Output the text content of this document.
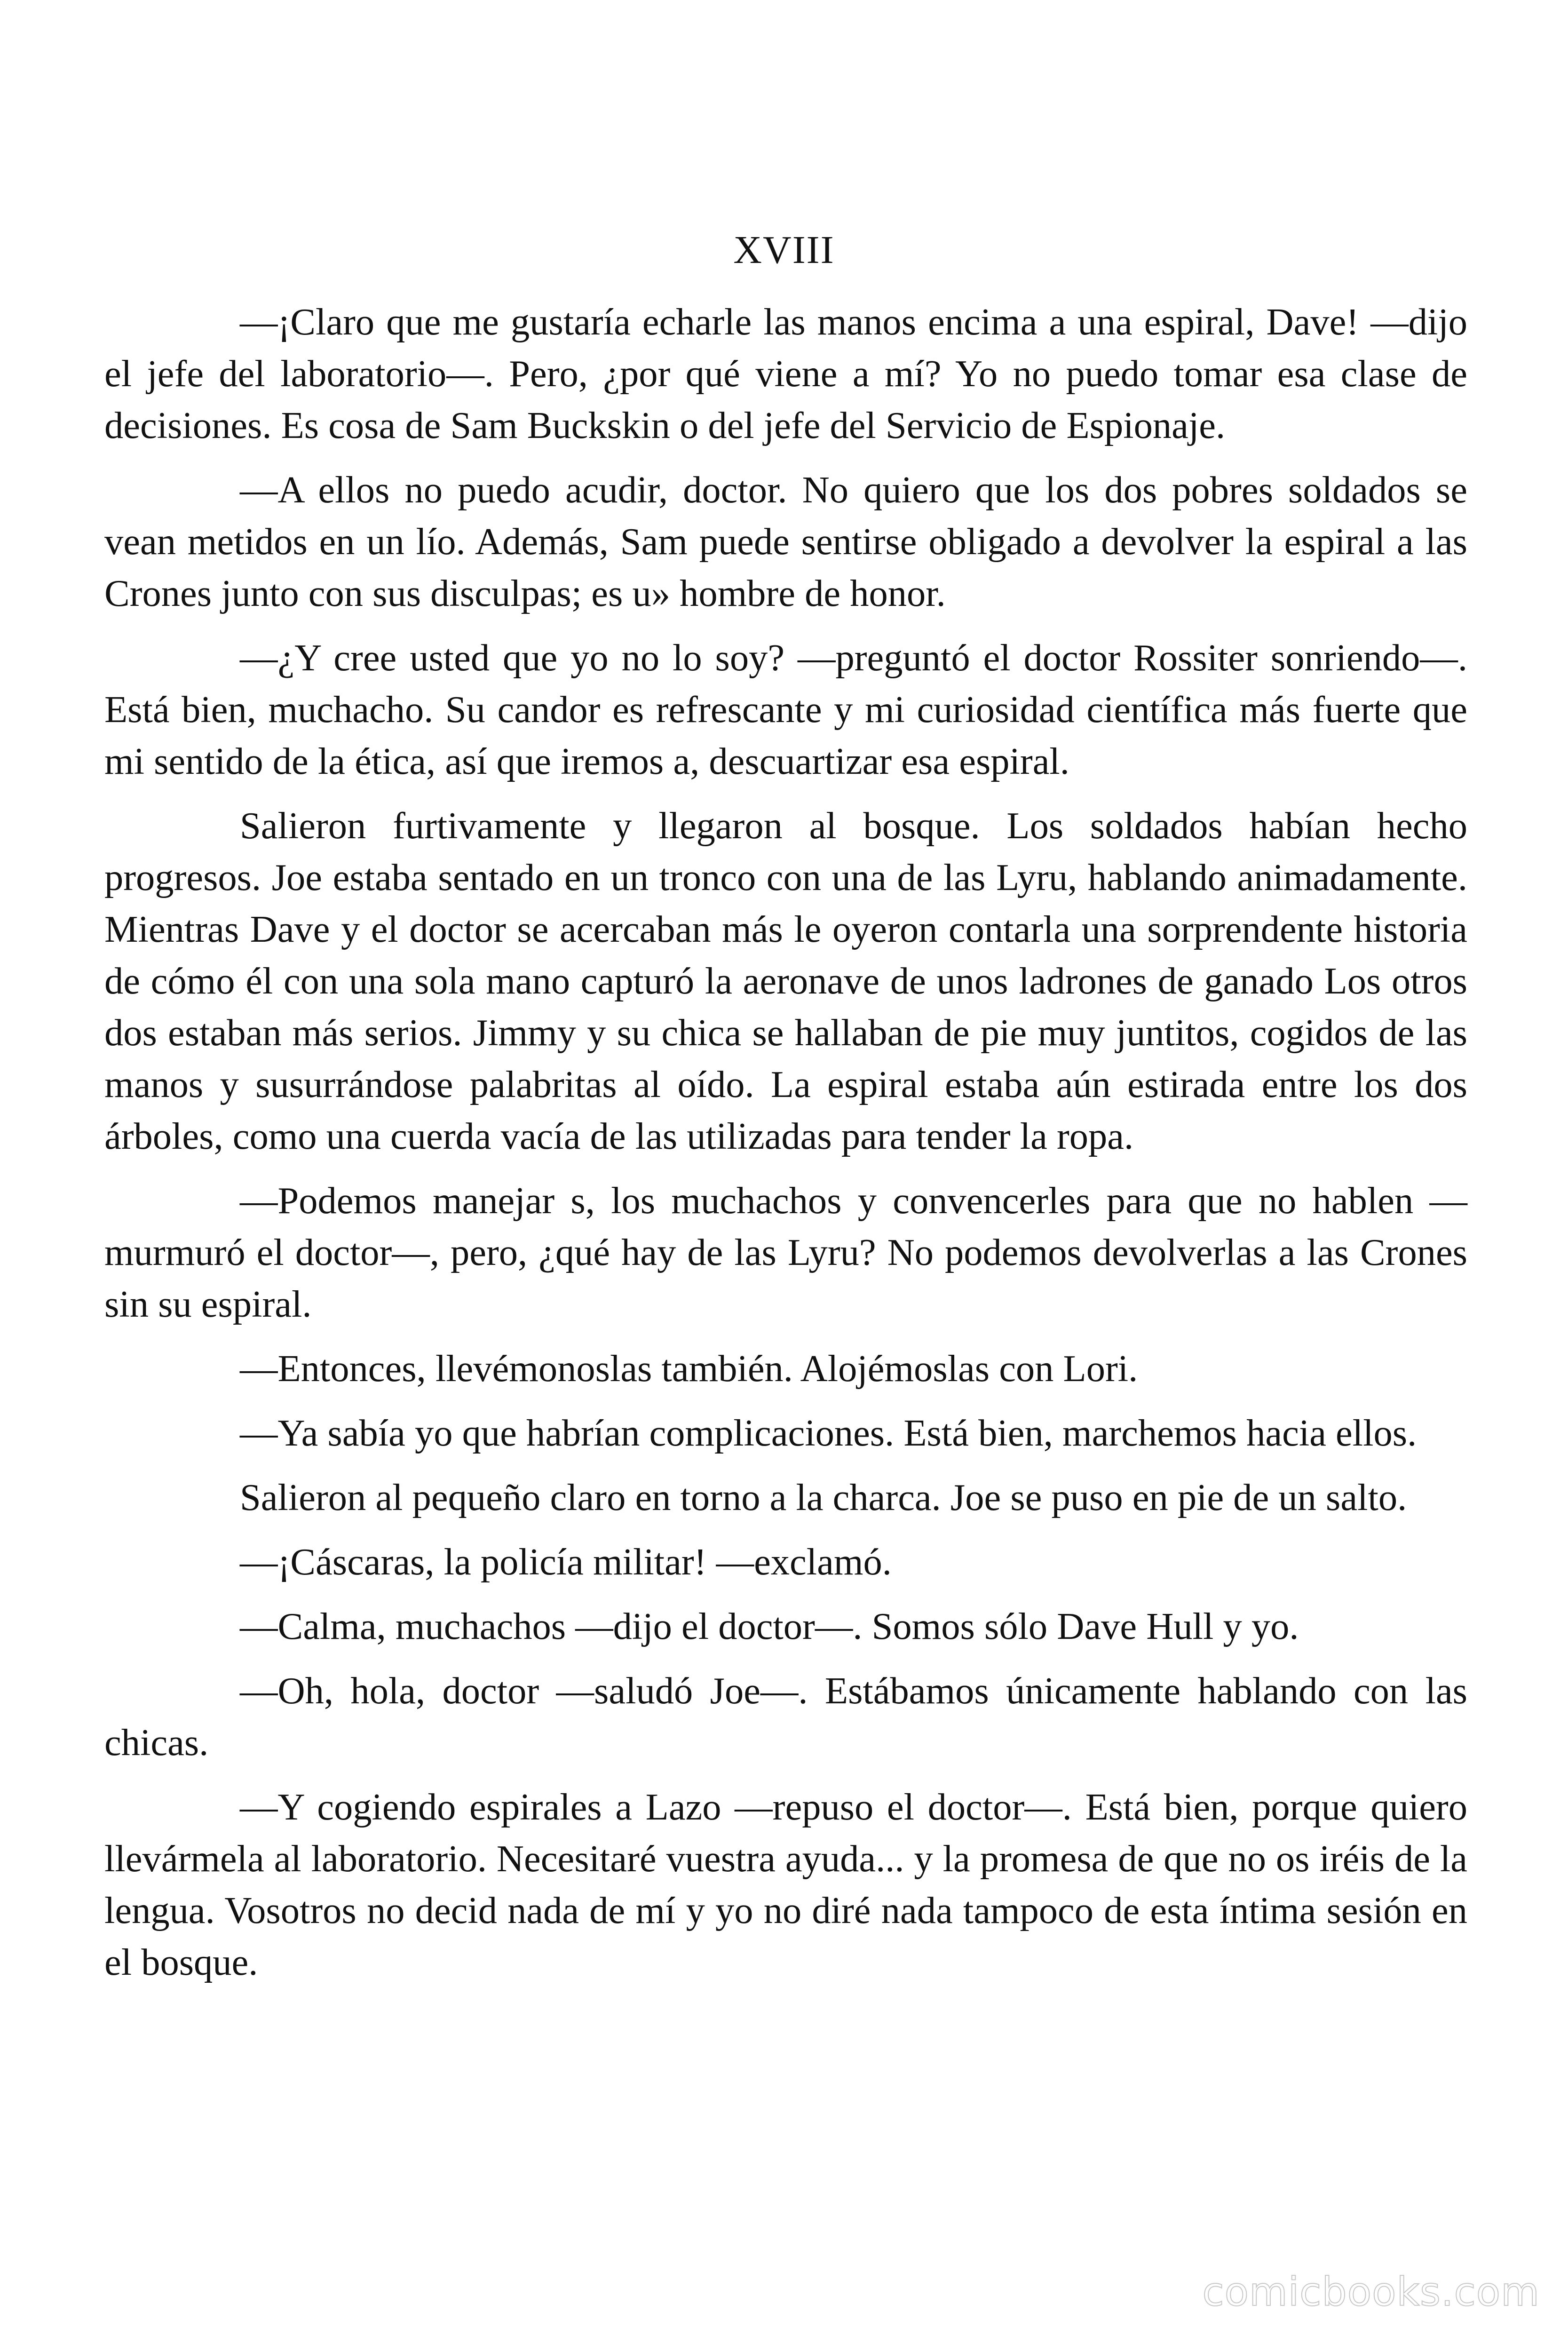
XVIII

—¡Claro que me gustaría echarle las manos encima a una espiral, Dave! —dijo el jefe del laboratorio—. Pero, ¿por qué viene a mí? Yo no puedo tomar esa clase de decisiones. Es cosa de Sam Buckskin o del jefe del Servicio de Espionaje.

—A ellos no puedo acudir, doctor. No quiero que los dos pobres soldados se vean metidos en un lío. Además, Sam puede sentirse obligado a devolver la espiral a las Crones junto con sus disculpas; es u» hombre de honor.

—¿Y cree usted que yo no lo soy? —preguntó el doctor Rossiter sonriendo—. Está bien, muchacho. Su candor es refrescante y mi curiosidad científica más fuerte que mi sentido de la ética, así que iremos a, descuartizar esa espiral.

Salieron furtivamente y llegaron al bosque. Los soldados habían hecho progresos. Joe estaba sentado en un tronco con una de las Lyru, hablando animadamente. Mientras Dave y el doctor se acercaban más le oyeron contarla una sorprendente historia de cómo él con una sola mano capturó la aeronave de unos ladrones de ganado Los otros dos estaban más serios. Jimmy y su chica se hallaban de pie muy juntitos, cogidos de las manos y susurrándose palabritas al oído. La espiral estaba aún estirada entre los dos árboles, como una cuerda vacía de las utilizadas para tender la ropa.

—Podemos manejar s, los muchachos y convencerles para que no hablen —murmuró el doctor—, pero, ¿qué hay de las Lyru? No podemos devolverlas a las Crones sin su espiral.

—Entonces, llevémonoslas también. Alojémoslas con Lori.

—Ya sabía yo que habrían complicaciones. Está bien, marchemos hacia ellos.

Salieron al pequeño claro en torno a la charca. Joe se puso en pie de un salto.

—¡Cáscaras, la policía militar! —exclamó.

—Calma, muchachos —dijo el doctor—. Somos sólo Dave Hull y yo.

—Oh, hola, doctor —saludó Joe—. Estábamos únicamente hablando con las chicas.

—Y cogiendo espirales a Lazo —repuso el doctor—. Está bien, porque quiero llevármela al laboratorio. Necesitaré vuestra ayuda... y la promesa de que no os iréis de la lengua. Vosotros no decid nada de mí y yo no diré nada tampoco de esta íntima sesión en el bosque.

comicbooks.com
